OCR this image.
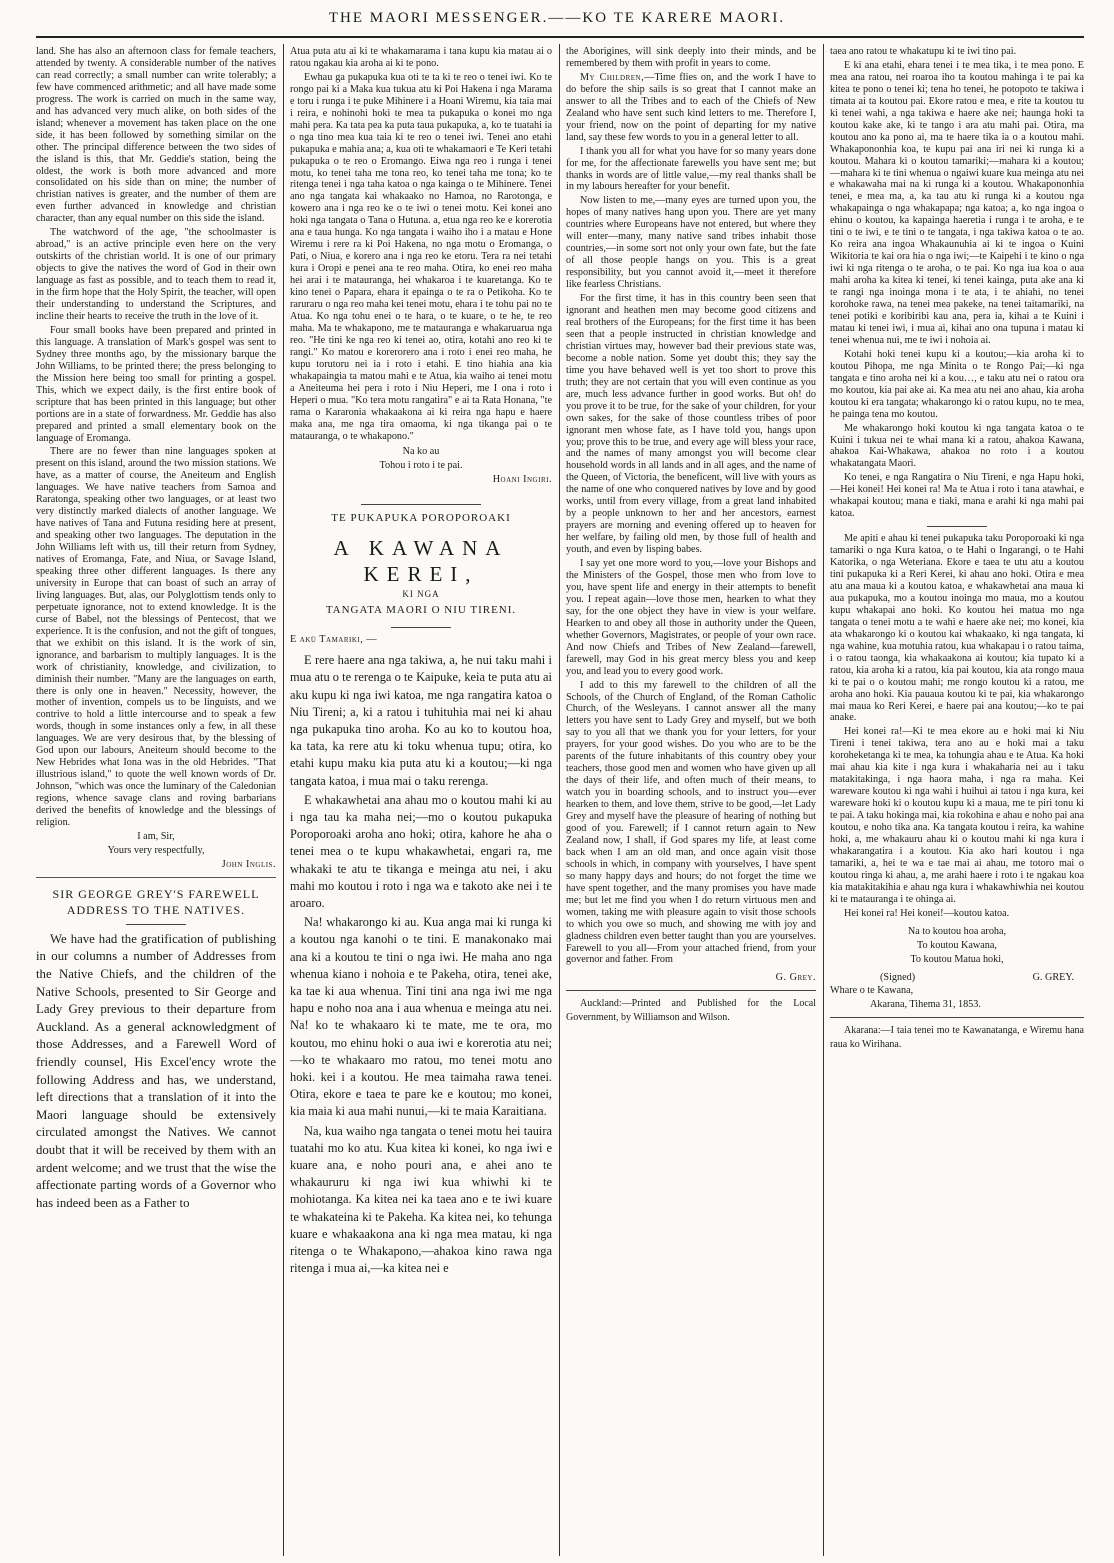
THE MAORI MESSENGER.——KO TE KARERE MAORI.

land. She has also an afternoon class for female teachers, attended by twenty. A considerable number of the natives can read correctly; a small number can write tolerably; a few have commenced arithmetic; and all have made some progress. The work is carried on much in the same way, and has advanced very much alike, on both sides of the island; whenever a movement has taken place on the one side, it has been followed by something similar on the other. The principal difference between the two sides of the island is this, that Mr. Geddie's station, being the oldest, the work is both more advanced and more consolidated on his side than on mine; the number of christian natives is greater, and the number of them are even further advanced in knowledge and christian character, than any equal number on this side the island.

The watchword of the age, "the schoolmaster is abroad," is an active principle even here on the very outskirts of the christian world. It is one of our primary objects to give the natives the word of God in their own language as fast as possible, and to teach them to read it, in the firm hope that the Holy Spirit, the teacher, will open their understanding to understand the Scriptures, and incline their hearts to receive the truth in the love of it.

Four small books have been prepared and printed in this language. A translation of Mark's gospel was sent to Sydney three months ago, by the missionary barque the John Williams, to be printed there; the press belonging to the Mission here being too small for printing a gospel. This, which we expect daily, is the first entire book of scripture that has been printed in this language; but other portions are in a state of forwardness. Mr. Geddie has also prepared and printed a small elementary book on the language of Eromanga.

There are no fewer than nine languages spoken at present on this island, around the two mission stations. We have, as a matter of course, the Aneiteum and English languages. We have native teachers from Samoa and Raratonga, speaking other two languages, or at least two very distinctly marked dialects of another language. We have natives of Tana and Futuna residing here at present, and speaking other two languages. The deputation in the John Williams left with us, till their return from Sydney, natives of Eromanga, Fate, and Niua, or Savage Island, speaking three other different languages. Is there any university in Europe that can boast of such an array of living languages. But, alas, our Polyglottism tends only to perpetuate ignorance, not to extend knowledge. It is the curse of Babel, not the blessings of Pentecost, that we experience. It is the confusion, and not the gift of tongues, that we exhibit on this island. It is the work of sin, ignorance, and barbarism to multiply languages. It is the work of christianity, knowledge, and civilization, to diminish their number. "Many are the languages on earth, there is only one in heaven." Necessity, however, the mother of invention, compels us to be linguists, and we contrive to hold a little intercourse and to speak a few words, though in some instances only a few, in all these languages. We are very desirous that, by the blessing of God upon our labours, Aneiteum should become to the New Hebrides what Iona was in the old Hebrides. "That illustrious island," to quote the well known words of Dr. Johnson, "which was once the luminary of the Caledonian regions, whence savage clans and roving barbarians derived the benefits of knowledge and the blessings of religion.

I am, Sir,

Yours very respectfully,

John Inglis.

SIR GEORGE GREY'S FAREWELL ADDRESS TO THE NATIVES.

We have had the gratification of publishing in our columns a number of Addresses from the Native Chiefs, and the children of the Native Schools, presented to Sir George and Lady Grey previous to their departure from Auckland. As a general acknowledgment of those Addresses, and a Farewell Word of friendly counsel, His Excel'ency wrote the following Address and has, we understand, left directions that a translation of it into the Maori language should be extensively circulated amongst the Natives. We cannot doubt that it will be received by them with an ardent welcome; and we trust that the wise the affectionate parting words of a Governor who has indeed been as a Father to

Atua puta atu ai ki te whakamarama i tana kupu kia matau ai o ratou ngakau kia aroha ai ki te pono.

Ewhau ga pukapuka kua oti te ta ki te reo o tenei iwi. Ko te rongo pai ki a Maka kua tukua atu ki Poi Hakena i nga Marama e toru i runga i te puke Mihinere i a Hoani Wiremu, kia taia mai i reira, e nohinohi hoki te mea ta pukapuka o konei mo nga mahi pera. Ka tata pea ka puta taua pukapuka, a, ko te tuatahi ia o nga tino mea kua taia ki te reo o tenei iwi. Tenei ano etahi pukapuka e mahia ana; a, kua oti te whakamaori e Te Keri tetahi pukapuka o te reo o Eromango. Eiwa nga reo i runga i tenei motu, ko tenei taha me tona reo, ko tenei taha me tona; ko te ritenga tenei i nga taha katoa o nga kainga o te Mihinere. Tenei ano nga tangata kai whakaako no Hamoa, no Rarotonga, e kowero ana i nga reo ke o te iwi o tenei motu. Kei konei ano hoki nga tangata o Tana o Hutuna. a, etua nga reo ke e korerotia ana e taua hunga. Ko nga tangata i waiho iho i a matau e Hone Wiremu i rere ra ki Poi Hakena, no nga motu o Eromanga, o Pati, o Niua, e korero ana i nga reo ke etoru. Tera ra nei tetahi kura i Oropi e penei ana te reo maha. Otira, ko enei reo maha hei arai i te matauranga, hei whakaroa i te kuaretanga. Ko te kino tenei o Papara, ehara it epainga o te ra o Petikoha. Ko te raruraru o nga reo maha kei tenei motu, ehara i te tohu pai no te Atua. Ko nga tohu enei o te hara, o te kuare, o te he, te reo maha. Ma te whakapono, me te matauranga e whakaruarua nga reo. "He tini ke nga reo ki tenei ao, otira, kotahi ano reo ki te rangi." Ko matou e korerorero ana i roto i enei reo maha, he kupu torutoru nei ia i roto i etahi. E tino hiahia ana kia whakapaingia ta matou mahi e te Atua, kia waiho ai tenei motu a Aneiteuma hei pera i roto i Niu Heperi, me I ona i roto i Heperi o mua. "Ko tera motu rangatira" e ai ta Rata Honana, "te rama o Kararonia whakaakona ai ki reira nga hapu e haere maka ana, me nga tira omaoma, ki nga tikanga pai o te matauranga, o te whakapono."

Na ko au

Tohou i roto i te pai.

Hoani Ingiri.

TE PUKAPUKA POROPOROAKI
A KAWANA KEREI,
KI NGA
TANGATA MAORI O NIU TIRENI.

E akü Tamariki, —

E rere haere ana nga takiwa, a, he nui taku mahi i mua atu o te rerenga o te Kaipuke, keia te puta atu ai aku kupu ki nga iwi katoa, me nga rangatira katoa o Niu Tireni; a, ki a ratou i tuhituhia mai nei ki ahau nga pukapuka tino aroha. Ko au ko to koutou hoa, ka tata, ka rere atu ki toku whenua tupu; otira, ko etahi kupu maku kia puta atu ki a koutou;—ki nga tangata katoa, i mua mai o taku rerenga.

E whakawhetai ana ahau mo o koutou mahi ki au i nga tau ka maha nei;—mo o koutou pukapuka Poroporoaki aroha ano hoki; otira, kahore he aha o tenei mea o te kupu whakawhetai, engari ra, me whakaki te atu te tikanga e meinga atu nei, i aku mahi mo koutou i roto i nga wa e takoto ake nei i te aroaro.

Na! whakarongo ki au. Kua anga mai ki runga ki a koutou nga kanohi o te tini. E manakonako mai ana ki a koutou te tini o nga iwi. He maha ano nga whenua kiano i nohoia e te Pakeha, otira, tenei ake, ka tae ki aua whenua. Tini tini ana nga iwi me nga hapu e noho noa ana i aua whenua e meinga atu nei. Na! ko te whakaaro ki te mate, me te ora, mo koutou, mo ehinu hoki o aua iwi e korerotia atu nei;—ko te whakaaro mo ratou, mo tenei motu ano hoki. kei i a koutou. He mea taimaha rawa tenei. Otira, ekore e taea te pare ke e koutou; mo konei, kia maia ki aua mahi nunui,—ki te maia Karaitiana.

Na, kua waiho nga tangata o tenei motu hei tauira tuatahi mo ko atu. Kua kitea ki konei, ko nga iwi e kuare ana, e noho pouri ana, e ahei ano te whakaururu ki nga iwi kua whiwhi ki te mohiotanga. Ka kitea nei ka taea ano e te iwi kuare te whakateina ki te Pakeha. Ka kitea nei, ko tehunga kuare e whakaakona ana ki nga mea matau, ki nga ritenga o te Whakapono,—ahakoa kino rawa nga ritenga i mua ai,—ka kitea nei e

the Aborigines, will sink deeply into their minds, and be remembered by them with profit in years to come.

My Children,—Time flies on, and the work I have to do before the ship sails is so great that I cannot make an answer to all the Tribes and to each of the Chiefs of New Zealand who have sent such kind letters to me. Therefore I, your friend, now on the point of departing for my native land, say these few words to you in a general letter to all.

I thank you all for what you have for so many years done for me, for the affectionate farewells you have sent me; but thanks in words are of little value,—my real thanks shall be in my labours hereafter for your benefit.

Now listen to me,—many eyes are turned upon you, the hopes of many natives hang upon you. There are yet many countries where Europeans have not entered, but where they will enter—many, many native sand tribes inhabit those countries,—in some sort not only your own fate, but the fate of all those people hangs on you. This is a great responsibility, but you cannot avoid it,—meet it therefore like fearless Christians.

For the first time, it has in this country been seen that ignorant and heathen men may become good citizens and real brothers of the Europeans; for the first time it has been seen that a people instructed in christian knowledge and christian virtues may, however bad their previous state was, become a noble nation. Some yet doubt this; they say the time you have behaved well is yet too short to prove this truth; they are not certain that you will even continue as you are, much less advance further in good works. But oh! do you prove it to be true, for the sake of your children, for your own sakes, for the sake of those countless tribes of poor ignorant men whose fate, as I have told you, hangs upon you; prove this to be true, and every age will bless your race, and the names of many amongst you will become clear household words in all lands and in all ages, and the name of the Queen, of Victoria, the beneficent, will live with yours as the name of one who conquered natives by love and by good works, until from every village, from a great land inhabited by a people unknown to her and her ancestors, earnest prayers are morning and evening offered up to heaven for her welfare, by failing old men, by those full of health and youth, and even by lisping babes.

I say yet one more word to you,—love your Bishops and the Ministers of the Gospel, those men who from love to you, have spent life and energy in their attempts to benefit you. I repeat again—love those men, hearken to what they say, for the one object they have in view is your welfare. Hearken to and obey all those in authority under the Queen, whether Governors, Magistrates, or people of your own race. And now Chiefs and Tribes of New Zealand—farewell, farewell, may God in his great mercy bless you and keep you, and lead you to every good work.

I add to this my farewell to the children of all the Schools, of the Church of England, of the Roman Catholic Church, of the Wesleyans. I cannot answer all the many letters you have sent to Lady Grey and myself, but we both say to you all that we thank you for your letters, for your prayers, for your good wishes. Do you who are to be the parents of the future inhabitants of this country obey your teachers, those good men and women who have given up all the days of their life, and often much of their means, to watch you in boarding schools, and to instruct you—ever hearken to them, and love them, strive to be good,—let Lady Grey and myself have the pleasure of hearing of nothing but good of you. Farewell; if I cannot return again to New Zealand now, I shall, if God spares my life, at least come back when I am an old man, and once again visit those schools in which, in company with yourselves, I have spent so many happy days and hours; do not forget the time we have spent together, and the many promises you have made me; but let me find you when I do return virtuous men and women, taking me with pleasure again to visit those schools to which you owe so much, and showing me with joy and gladness children even better taught than you are yourselves. Farewell to you all—From your attached friend, from your governor and father. From

G. Grey.

Auckland:—Printed and Published for the Local Government, by Williamson and Wilson.

taea ano ratou te whakatupu ki te iwi tino pai.

E ki ana etahi, ehara tenei i te mea tika, i te mea pono. E mea ana ratou, nei roaroa iho ta koutou mahinga i te pai ka kitea te pono o tenei ki; tena ho tenei, he potopoto te takiwa i timata ai ta koutou pai. Ekore ratou e mea, e rite ta koutou tu ki tenei wahi, a nga takiwa e haere ake nei; haunga hoki ta koutou kake ake, ki te tango i ara atu mahi pai. Otira, ma koutou ano ka pono ai, ma te haere tika ia o a koutou mahi. Whakapononhia koa, te kupu pai ana iri nei ki runga ki a koutou. Mahara ki o koutou tamariki;—mahara ki a koutou;—mahara ki te tini whenua o ngaiwi kuare kua meinga atu nei e whakawaha mai na ki runga ki a koutou. Whakapononhia tenei, e mea ma, a, ka tau atu ki runga ki a koutou nga whakapainga o nga whakapapa; nga katoa; a, ko nga ingoa o ehinu o koutou, ka kapainga haeretia i runga i te aroha, e te tini o te iwi, e te tini o te tangata, i nga takiwa katoa o te ao. Ko reira ana ingoa Whakaunuhia ai ki te ingoa o Kuini Wikitoria te kai ora hia o nga iwi;—te Kaipehi i te kino o nga iwi ki nga ritenga o te aroha, o te pai. Ko nga iua koa o aua mahi aroha ka kitea ki tenei, ki tenei kainga, puta ake ana ki te rangi nga inoinga mona i te ata, i te ahiahi, no tenei korohoke rawa, na tenei mea pakeke, na tenei taitamariki, na tenei potiki e koribiribi kau ana, pera ia, kihai a te Kuini i matau ki tenei iwi, i mua ai, kihai ano ona tupuna i matau ki tenei whenua nui, me te iwi i nohoia ai.

Kotahi hoki tenei kupu ki a koutou;—kia aroha ki to koutou Pihopa, me nga Minita o te Rongo Pai;—ki nga tangata e tino aroha nei ki a kou…, e taku atu nei o ratou ora mo koutou, kia pai ake ai. Ka mea atu nei ano ahau, kia aroha koutou ki era tangata; whakarongo ki o ratou kupu, no te mea, he painga tena mo koutou.

Me whakarongo hoki koutou ki nga tangata katoa o te Kuini i tukua nei te whai mana ki a ratou, ahakoa Kawana, ahakoa Kai-Whakawa, ahakoa no roto i a koutou whakatangata Maori.

Ko tenei, e nga Rangatira o Niu Tireni, e nga Hapu hoki,—Hei konei! Hei konei ra! Ma te Atua i roto i tana atawhai, e whakapai koutou; mana e tiaki, mana e arahi ki nga mahi pai katoa.

Me apiti e ahau ki tenei pukapuka taku Poroporoaki ki nga tamariki o nga Kura katoa, o te Hahi o Ingarangi, o te Hahi Katorika, o nga Weteriana. Ekore e taea te utu atu a koutou tini pukapuka ki a Reri Kerei, ki ahau ano hoki. Otira e mea atu ana maua ki a koutou katoa, e whakawhetai ana maua ki aua pukapuka, mo a koutou inoinga mo maua, mo a koutou kupu whakapai ano hoki. Ko koutou hei matua mo nga tangata o tenei motu a te wahi e haere ake nei; mo konei, kia ata whakarongo ki o koutou kai whakaako, ki nga tangata, ki nga wahine, kua motuhia ratou, kua whakapau i o ratou taima, i o ratou taonga, kia whakaakona ai koutou; kia tupato ki a ratou, kia aroha ki a ratou, kia pai koutou, kia ata rongo maua ki te pai o o koutou mahi; me rongo koutou ki a ratou, me aroha ano hoki. Kia pauaua koutou ki te pai, kia whakarongo mai maua ko Reri Kerei, e haere pai ana koutou;—ko te pai anake.

Hei konei ra!—Ki te mea ekore au e hoki mai ki Niu Tireni i tenei takiwa, tera ano au e hoki mai a taku koroheketanga ki te mea, ka tohungia ahau e te Atua. Ka hoki mai ahau kia kite i nga kura i whakaharia nei au i taku matakitakinga, i nga haora maha, i nga ra maha. Kei wareware koutou ki nga wahi i huihui ai tatou i nga kura, kei wareware hoki ki o koutou kupu ki a maua, me te piri tonu ki te pai. A taku hokinga mai, kia rokohina e ahau e noho pai ana koutou, e noho tika ana. Ka tangata koutou i reira, ka wahine hoki, a, me whakauru ahau ki o koutou mahi ki nga kura i whakarangatira i a koutou. Kia ako hari koutou i nga tamariki, a, hei te wa e tae mai ai ahau, me totoro mai o koutou ringa ki ahau, a, me arahi haere i roto i te ngakau koa kia matakitakihia e ahau nga kura i whakawhiwhia nei koutou ki te matauranga i te ohinga ai.

Hei konei ra! Hei konei!—koutou katoa.

Na to koutou hoa aroha,

To koutou Kawana,

To koutou Matua hoki,

(Signed)	G. GREY.

Whare o te Kawana,

Akarana, Tihema 31, 1853.

Akarana:—I taia tenei mo te Kawanatanga, e Wiremu hana raua ko Wirihana.
